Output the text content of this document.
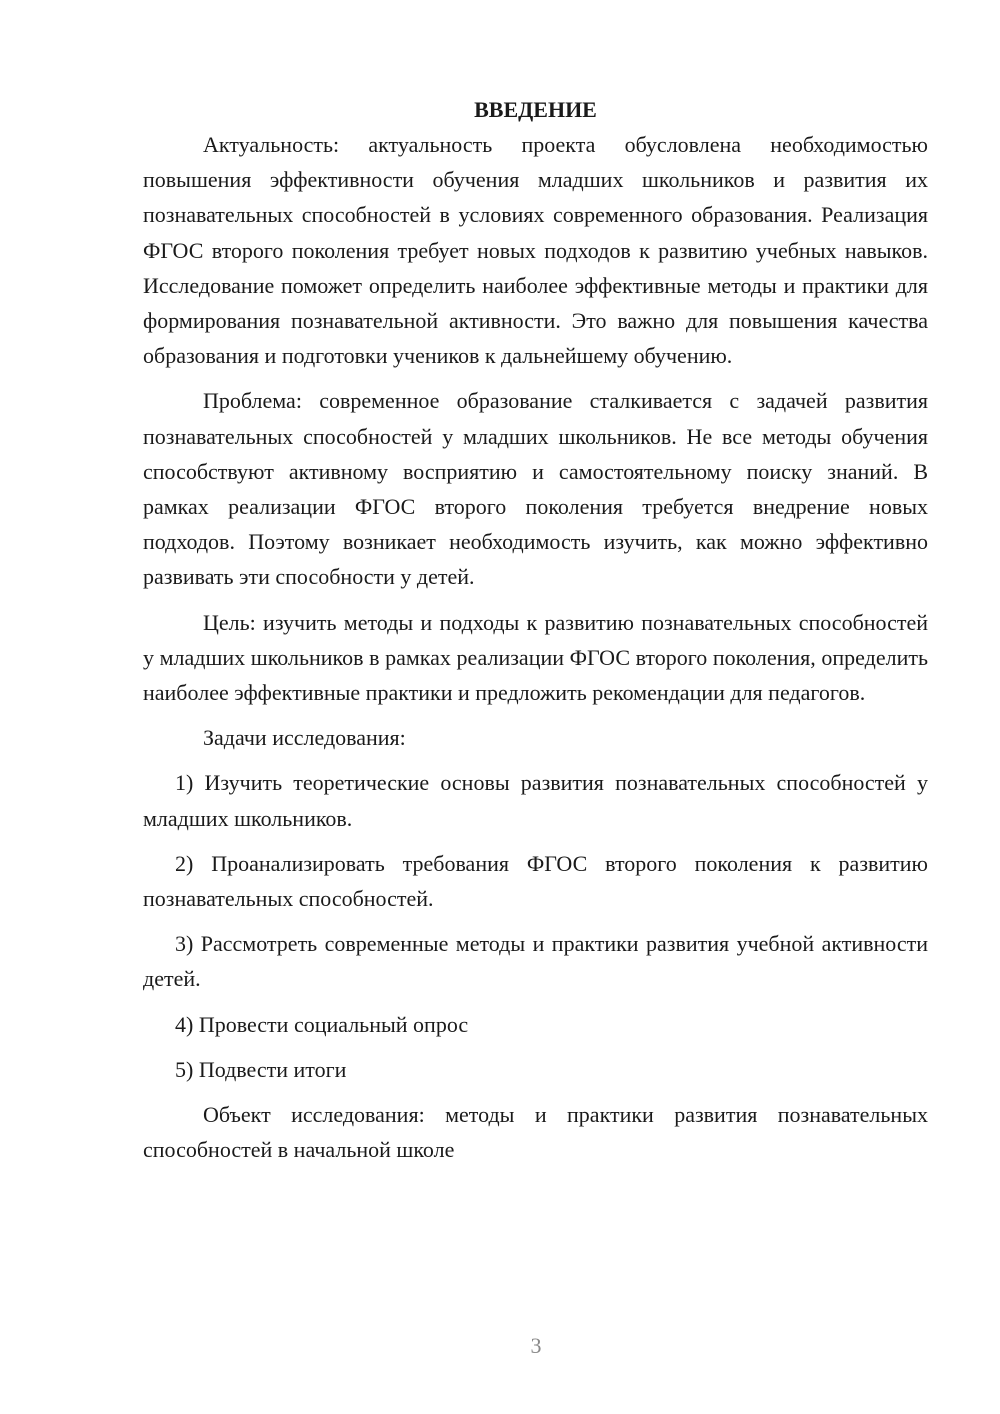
ВВЕДЕНИЕ

Актуальность: актуальность проекта обусловлена необходимостью повышения эффективности обучения младших школьников и развития их познавательных способностей в условиях современного образования. Реализация ФГОС второго поколения требует новых подходов к развитию учебных навыков. Исследование поможет определить наиболее эффективные методы и практики для формирования познавательной активности. Это важно для повышения качества образования и подготовки учеников к дальнейшему обучению.

Проблема: современное образование сталкивается с задачей развития познавательных способностей у младших школьников. Не все методы обучения способствуют активному восприятию и самостоятельному поиску знаний. В рамках реализации ФГОС второго поколения требуется внедрение новых подходов. Поэтому возникает необходимость изучить, как можно эффективно развивать эти способности у детей.

Цель: изучить методы и подходы к развитию познавательных способностей у младших школьников в рамках реализации ФГОС второго поколения, определить наиболее эффективные практики и предложить рекомендации для педагогов.

Задачи исследования:

1) Изучить теоретические основы развития познавательных способностей у младших школьников.

2) Проанализировать требования ФГОС второго поколения к развитию познавательных способностей.

3) Рассмотреть современные методы и практики развития учебной активности детей.

4) Провести социальный опрос

5) Подвести итоги

Объект исследования: методы и практики развития познавательных способностей в начальной школе

3
